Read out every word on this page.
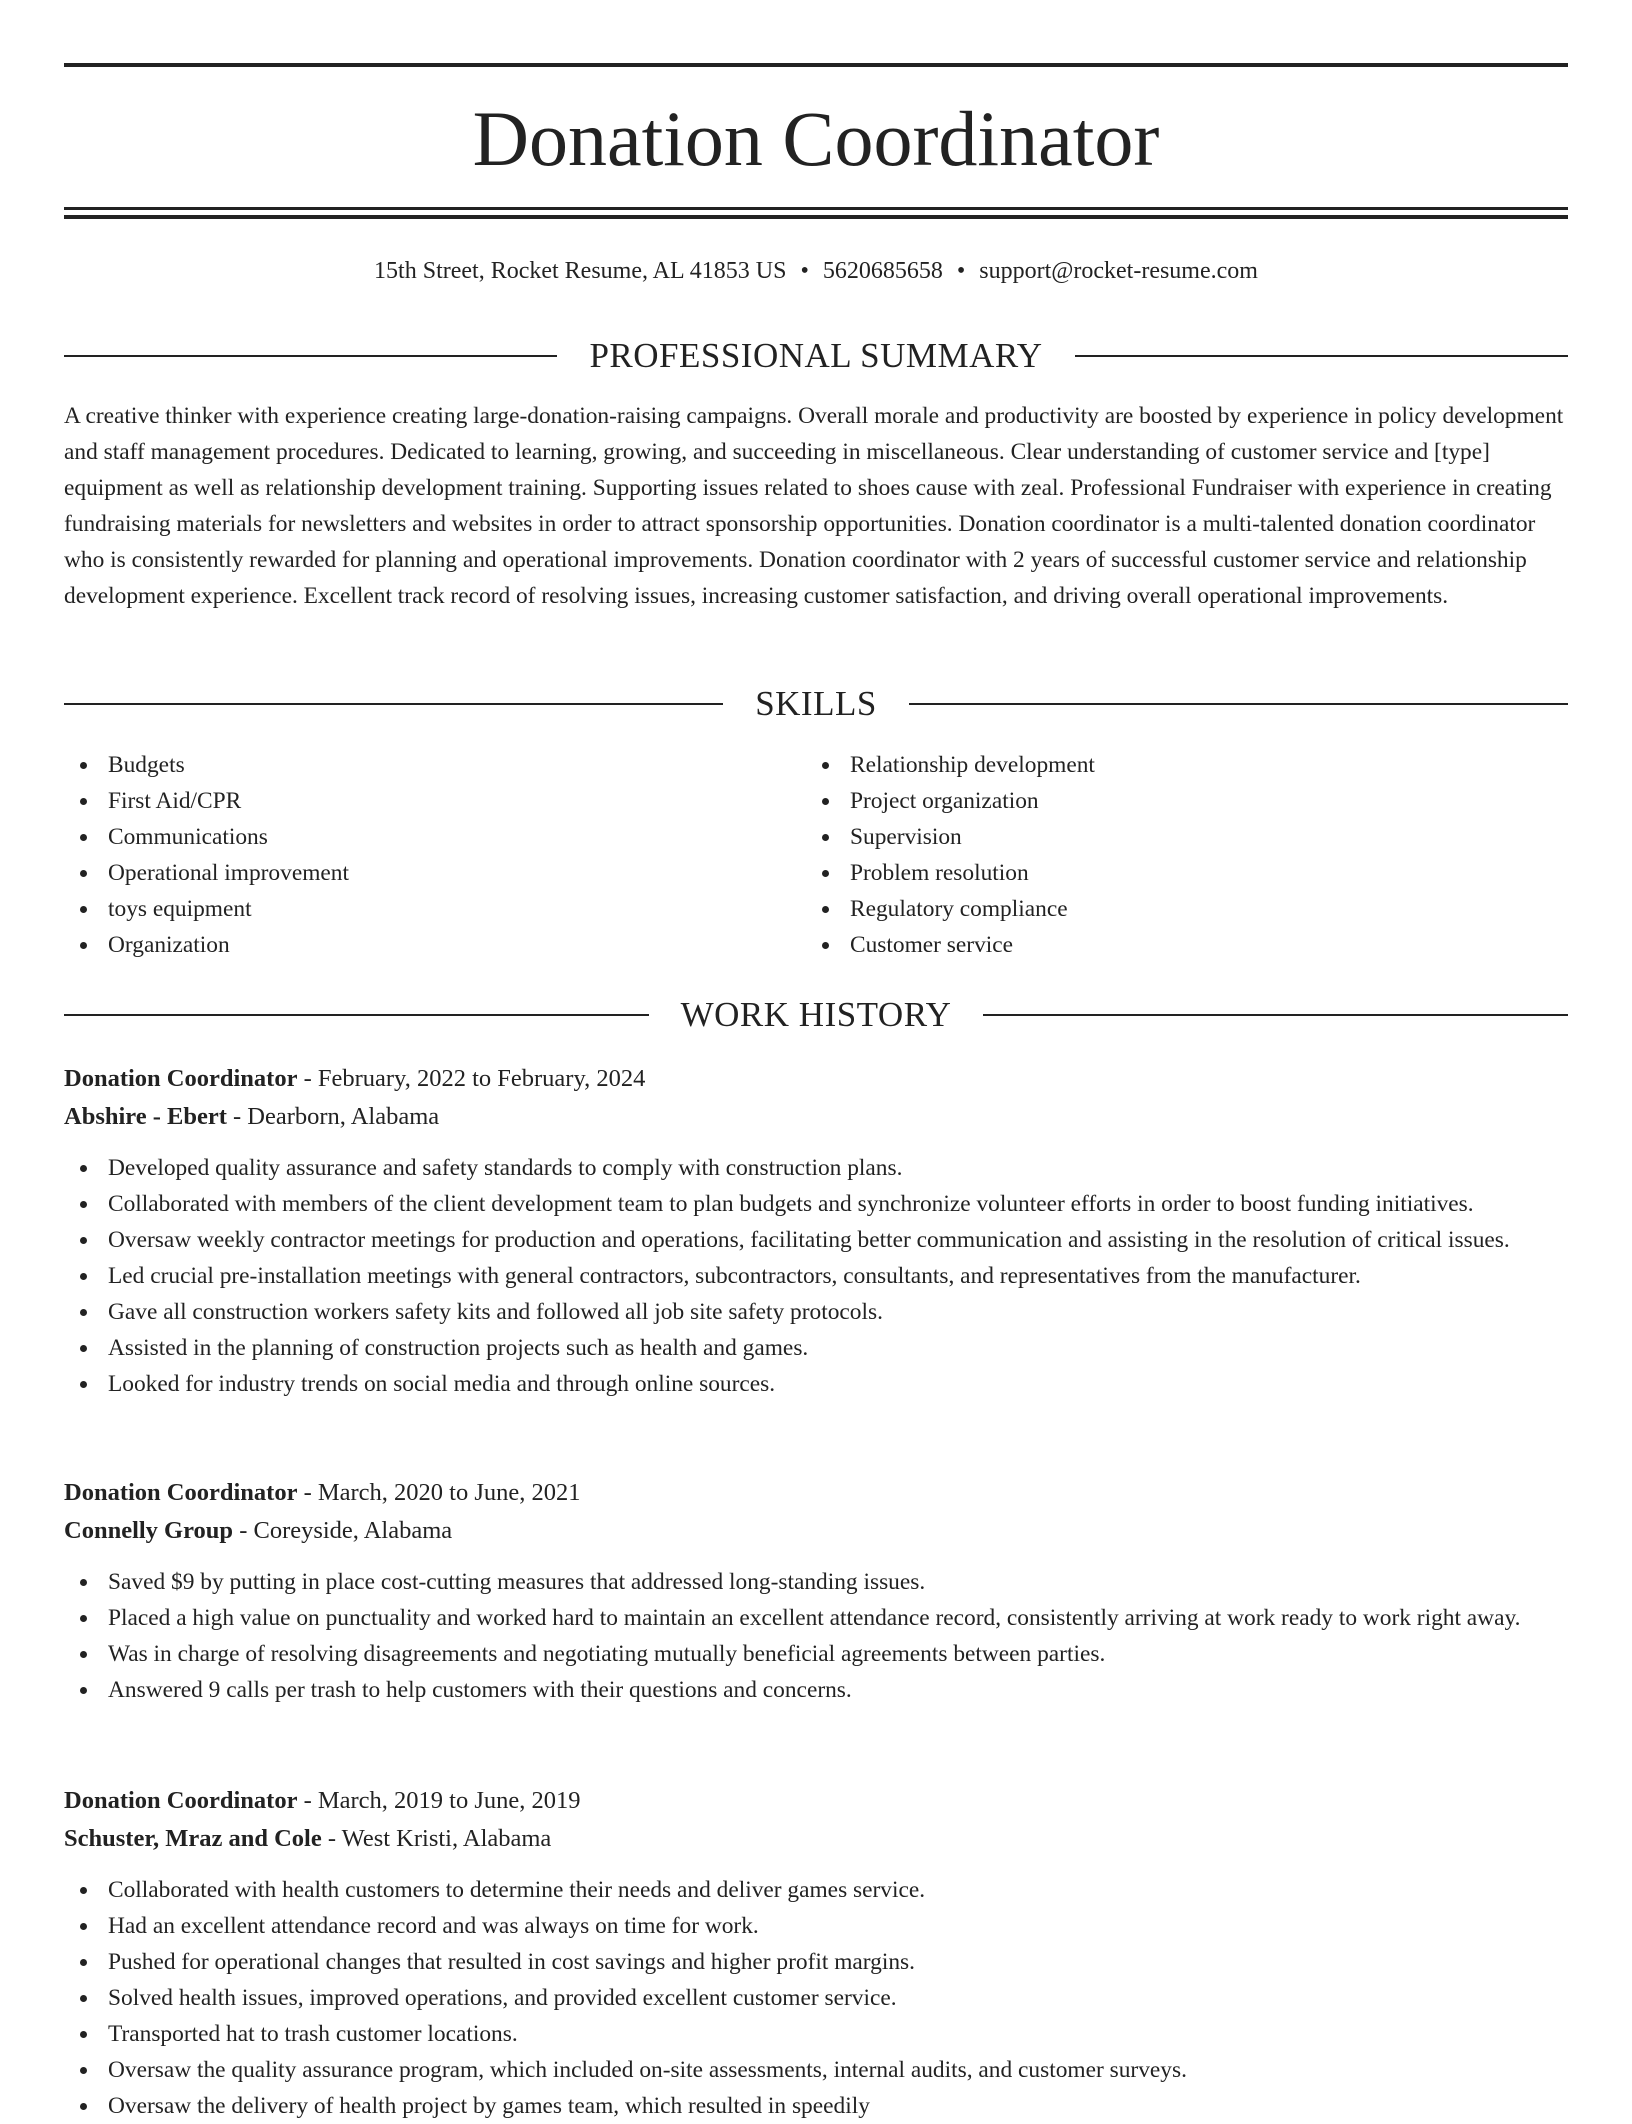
Donation Coordinator
15th Street, Rocket Resume, AL 41853 US • 5620685658 • support@rocket-resume.com
PROFESSIONAL SUMMARY

A creative thinker with experience creating large-donation-raising campaigns. Overall morale and productivity are boosted by experience in policy development and staff management procedures. Dedicated to learning, growing, and succeeding in miscellaneous. Clear understanding of customer service and [type] equipment as well as relationship development training. Supporting issues related to shoes cause with zeal. Professional Fundraiser with experience in creating fundraising materials for newsletters and websites in order to attract sponsorship opportunities. Donation coordinator is a multi-talented donation coordinator who is consistently rewarded for planning and operational improvements. Donation coordinator with 2 years of successful customer service and relationship development experience. Excellent track record of resolving issues, increasing customer satisfaction, and driving overall operational improvements.

SKILLS
Budgets
First Aid/CPR
Communications
Operational improvement
toys equipment
Organization
Relationship development
Project organization
Supervision
Problem resolution
Regulatory compliance
Customer service
WORK HISTORY
Donation Coordinator - February, 2022 to February, 2024
Abshire - Ebert - Dearborn, Alabama
Developed quality assurance and safety standards to comply with construction plans.
Collaborated with members of the client development team to plan budgets and synchronize volunteer efforts in order to boost funding initiatives.
Oversaw weekly contractor meetings for production and operations, facilitating better communication and assisting in the resolution of critical issues.
Led crucial pre-installation meetings with general contractors, subcontractors, consultants, and representatives from the manufacturer.
Gave all construction workers safety kits and followed all job site safety protocols.
Assisted in the planning of construction projects such as health and games.
Looked for industry trends on social media and through online sources.
Donation Coordinator - March, 2020 to June, 2021
Connelly Group - Coreyside, Alabama
Saved $9 by putting in place cost-cutting measures that addressed long-standing issues.
Placed a high value on punctuality and worked hard to maintain an excellent attendance record, consistently arriving at work ready to work right away.
Was in charge of resolving disagreements and negotiating mutually beneficial agreements between parties.
Answered 9 calls per trash to help customers with their questions and concerns.
Donation Coordinator - March, 2019 to June, 2019
Schuster, Mraz and Cole - West Kristi, Alabama
Collaborated with health customers to determine their needs and deliver games service.
Had an excellent attendance record and was always on time for work.
Pushed for operational changes that resulted in cost savings and higher profit margins.
Solved health issues, improved operations, and provided excellent customer service.
Transported hat to trash customer locations.
Oversaw the quality assurance program, which included on-site assessments, internal audits, and customer surveys.
Oversaw the delivery of health project by games team, which resulted in speedily
